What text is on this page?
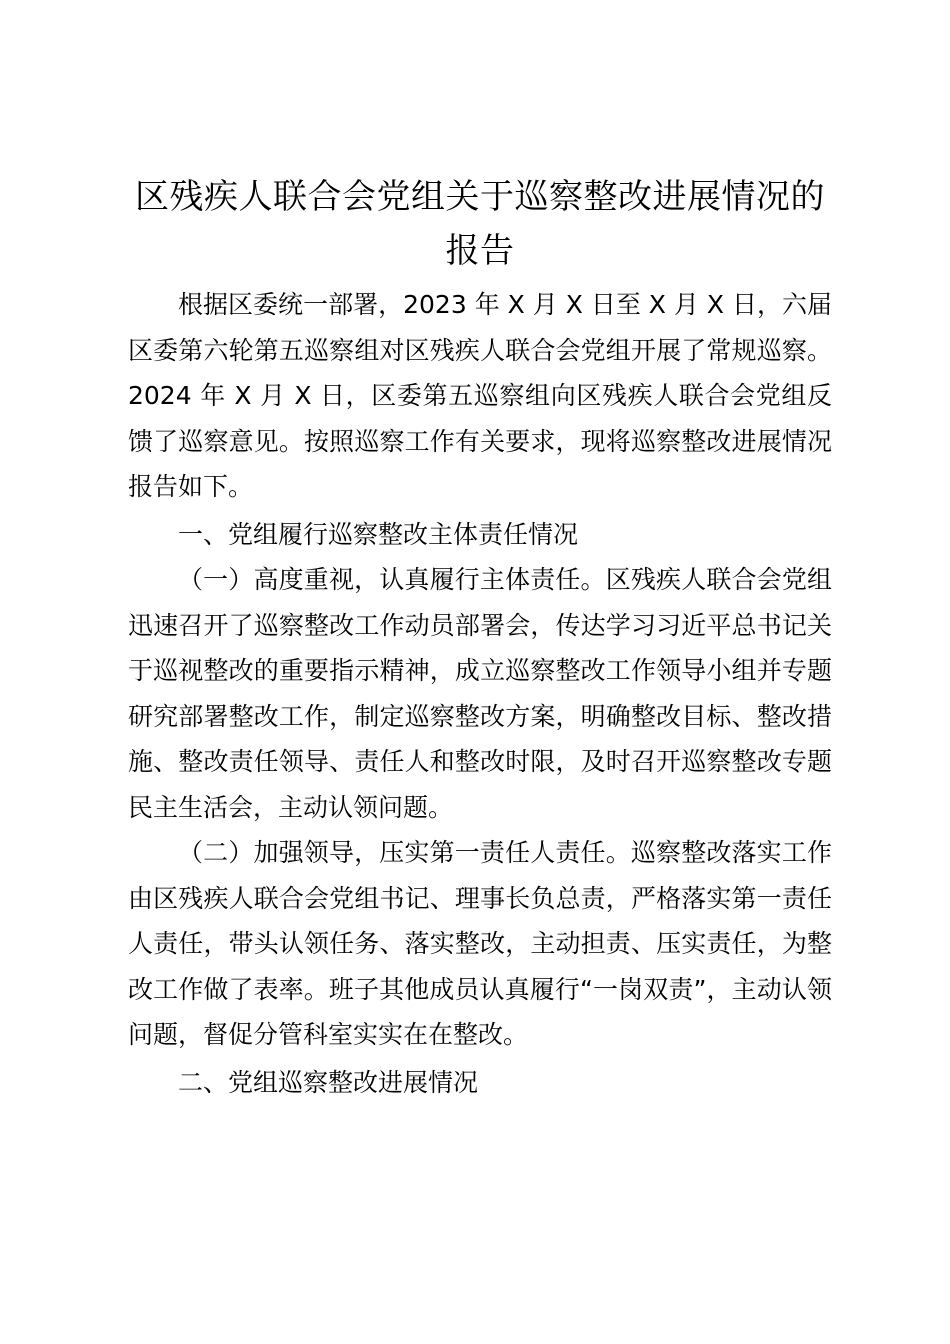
区残疾人联合会党组关于巡察整改进展情况的报告

根据区委统一部署，2023 年 X 月 X 日至 X 月 X 日，六届区委第六轮第五巡察组对区残疾人联合会党组开展了常规巡察。2024 年 X 月 X 日，区委第五巡察组向区残疾人联合会党组反馈了巡察意见。按照巡察工作有关要求，现将巡察整改进展情况报告如下。

一、党组履行巡察整改主体责任情况

（一）高度重视，认真履行主体责任。区残疾人联合会党组迅速召开了巡察整改工作动员部署会，传达学习习近平总书记关于巡视整改的重要指示精神，成立巡察整改工作领导小组并专题研究部署整改工作，制定巡察整改方案，明确整改目标、整改措施、整改责任领导、责任人和整改时限，及时召开巡察整改专题民主生活会，主动认领问题。

（二）加强领导，压实第一责任人责任。巡察整改落实工作由区残疾人联合会党组书记、理事长负总责，严格落实第一责任人责任，带头认领任务、落实整改，主动担责、压实责任，为整改工作做了表率。班子其他成员认真履行“一岗双责”，主动认领问题，督促分管科室实实在在整改。

二、党组巡察整改进展情况
